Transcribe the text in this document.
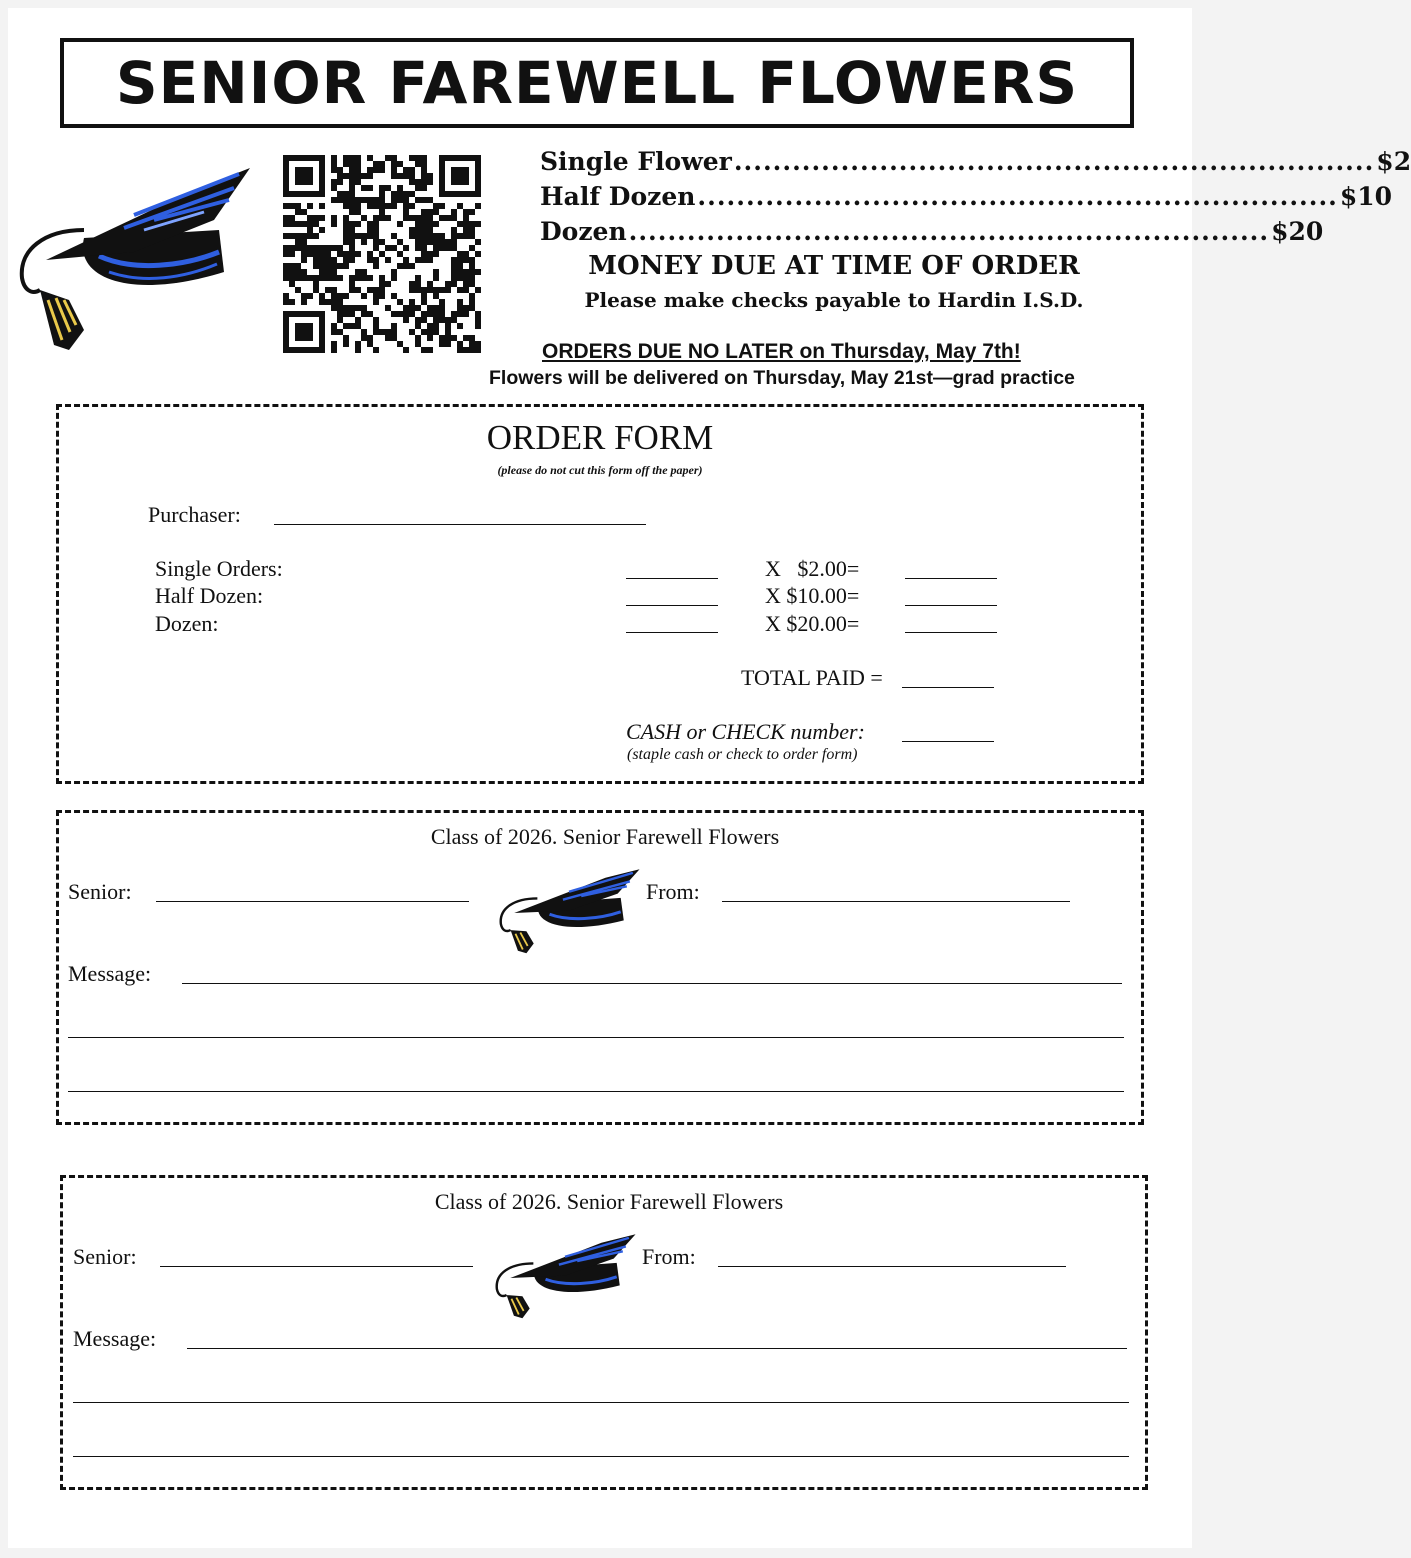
SENIOR FAREWELL FLOWERS
Single Flower .................................................................. $2
Half Dozen .................................................................. $10
Dozen .................................................................. $20
MONEY DUE AT TIME OF ORDER
Please make checks payable to Hardin I.S.D.
ORDERS DUE NO LATER on Thursday, May 7th!
Flowers will be delivered on Thursday, May 21st—grad practice
ORDER FORM
(please do not cut this form off the paper)
Purchaser:
Single Orders:
Half Dozen:
Dozen:
X   $2.00=
X $10.00=
X $20.00=
TOTAL PAID =
CASH or CHECK number:
(staple cash or check to order form)
Class of 2026. Senior Farewell Flowers
Senior:	From:
Message:
Class of 2026. Senior Farewell Flowers
Senior:	From:
Message:
